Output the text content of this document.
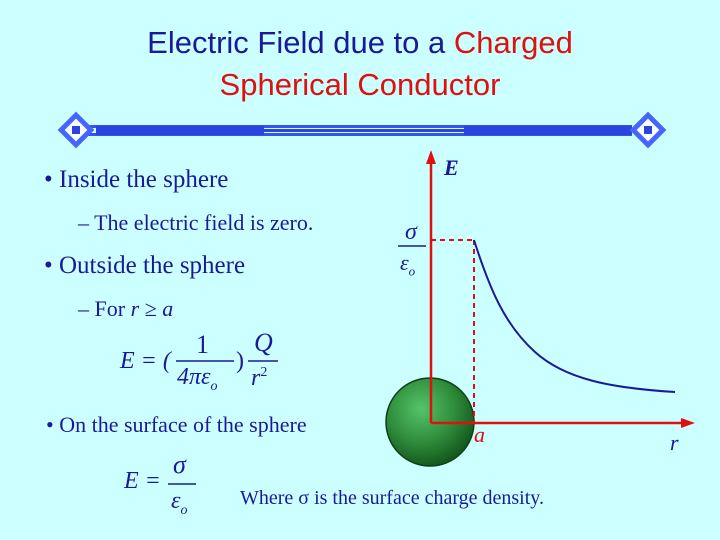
Electric Field due to a Charged
Spherical Conductor
• Inside the sphere
– The electric field is zero.
• Outside the sphere
– For r ≥ a
• On the surface of the sphere
E = (
1
$4\pi\varepsilon_o$
)
Q
$r^2$
E =
σ
$\varepsilon_o$
E
σ
$\varepsilon_o$
a	r
Where σ is the surface charge density.
